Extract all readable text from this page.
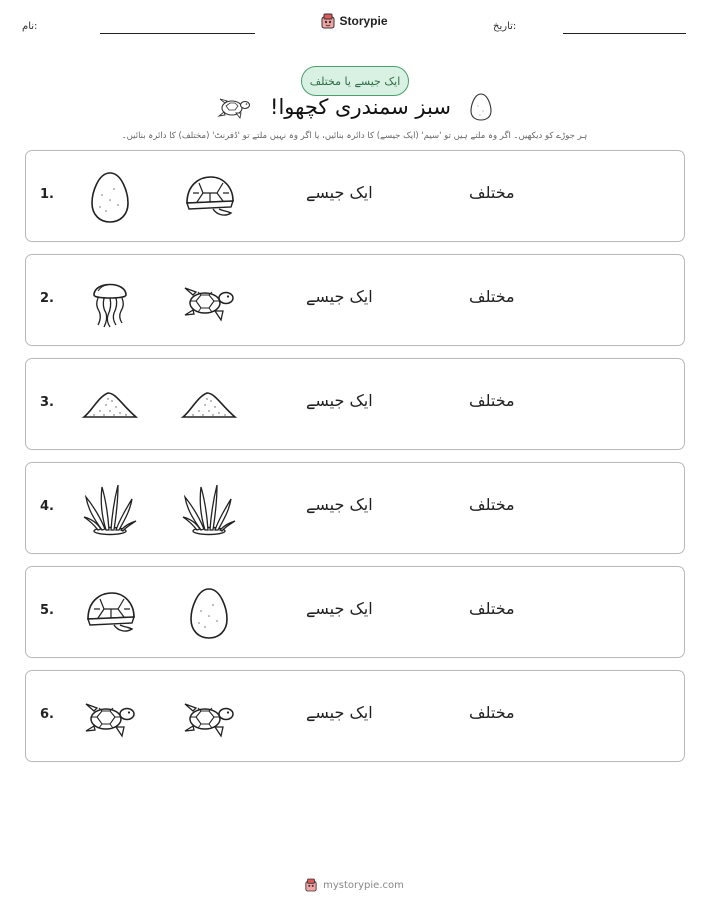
نام:	Storypie	تاریخ:
ایک جیسے یا مختلف
سبز سمندری کچھوا!
ہر جوڑے کو دیکھیں۔ اگر وہ ملتے ہیں تو 'سیم' (ایک جیسے) کا دائرہ بنائیں، یا اگر وہ نہیں ملتے تو 'ڈفرنٹ' (مختلف) کا دائرہ بنائیں۔
1.	ایک جیسے	مختلف
2.	ایک جیسے	مختلف
3.	ایک جیسے	مختلف
4.	ایک جیسے	مختلف
5.	ایک جیسے	مختلف
6.	ایک جیسے	مختلف
mystorypie.com
